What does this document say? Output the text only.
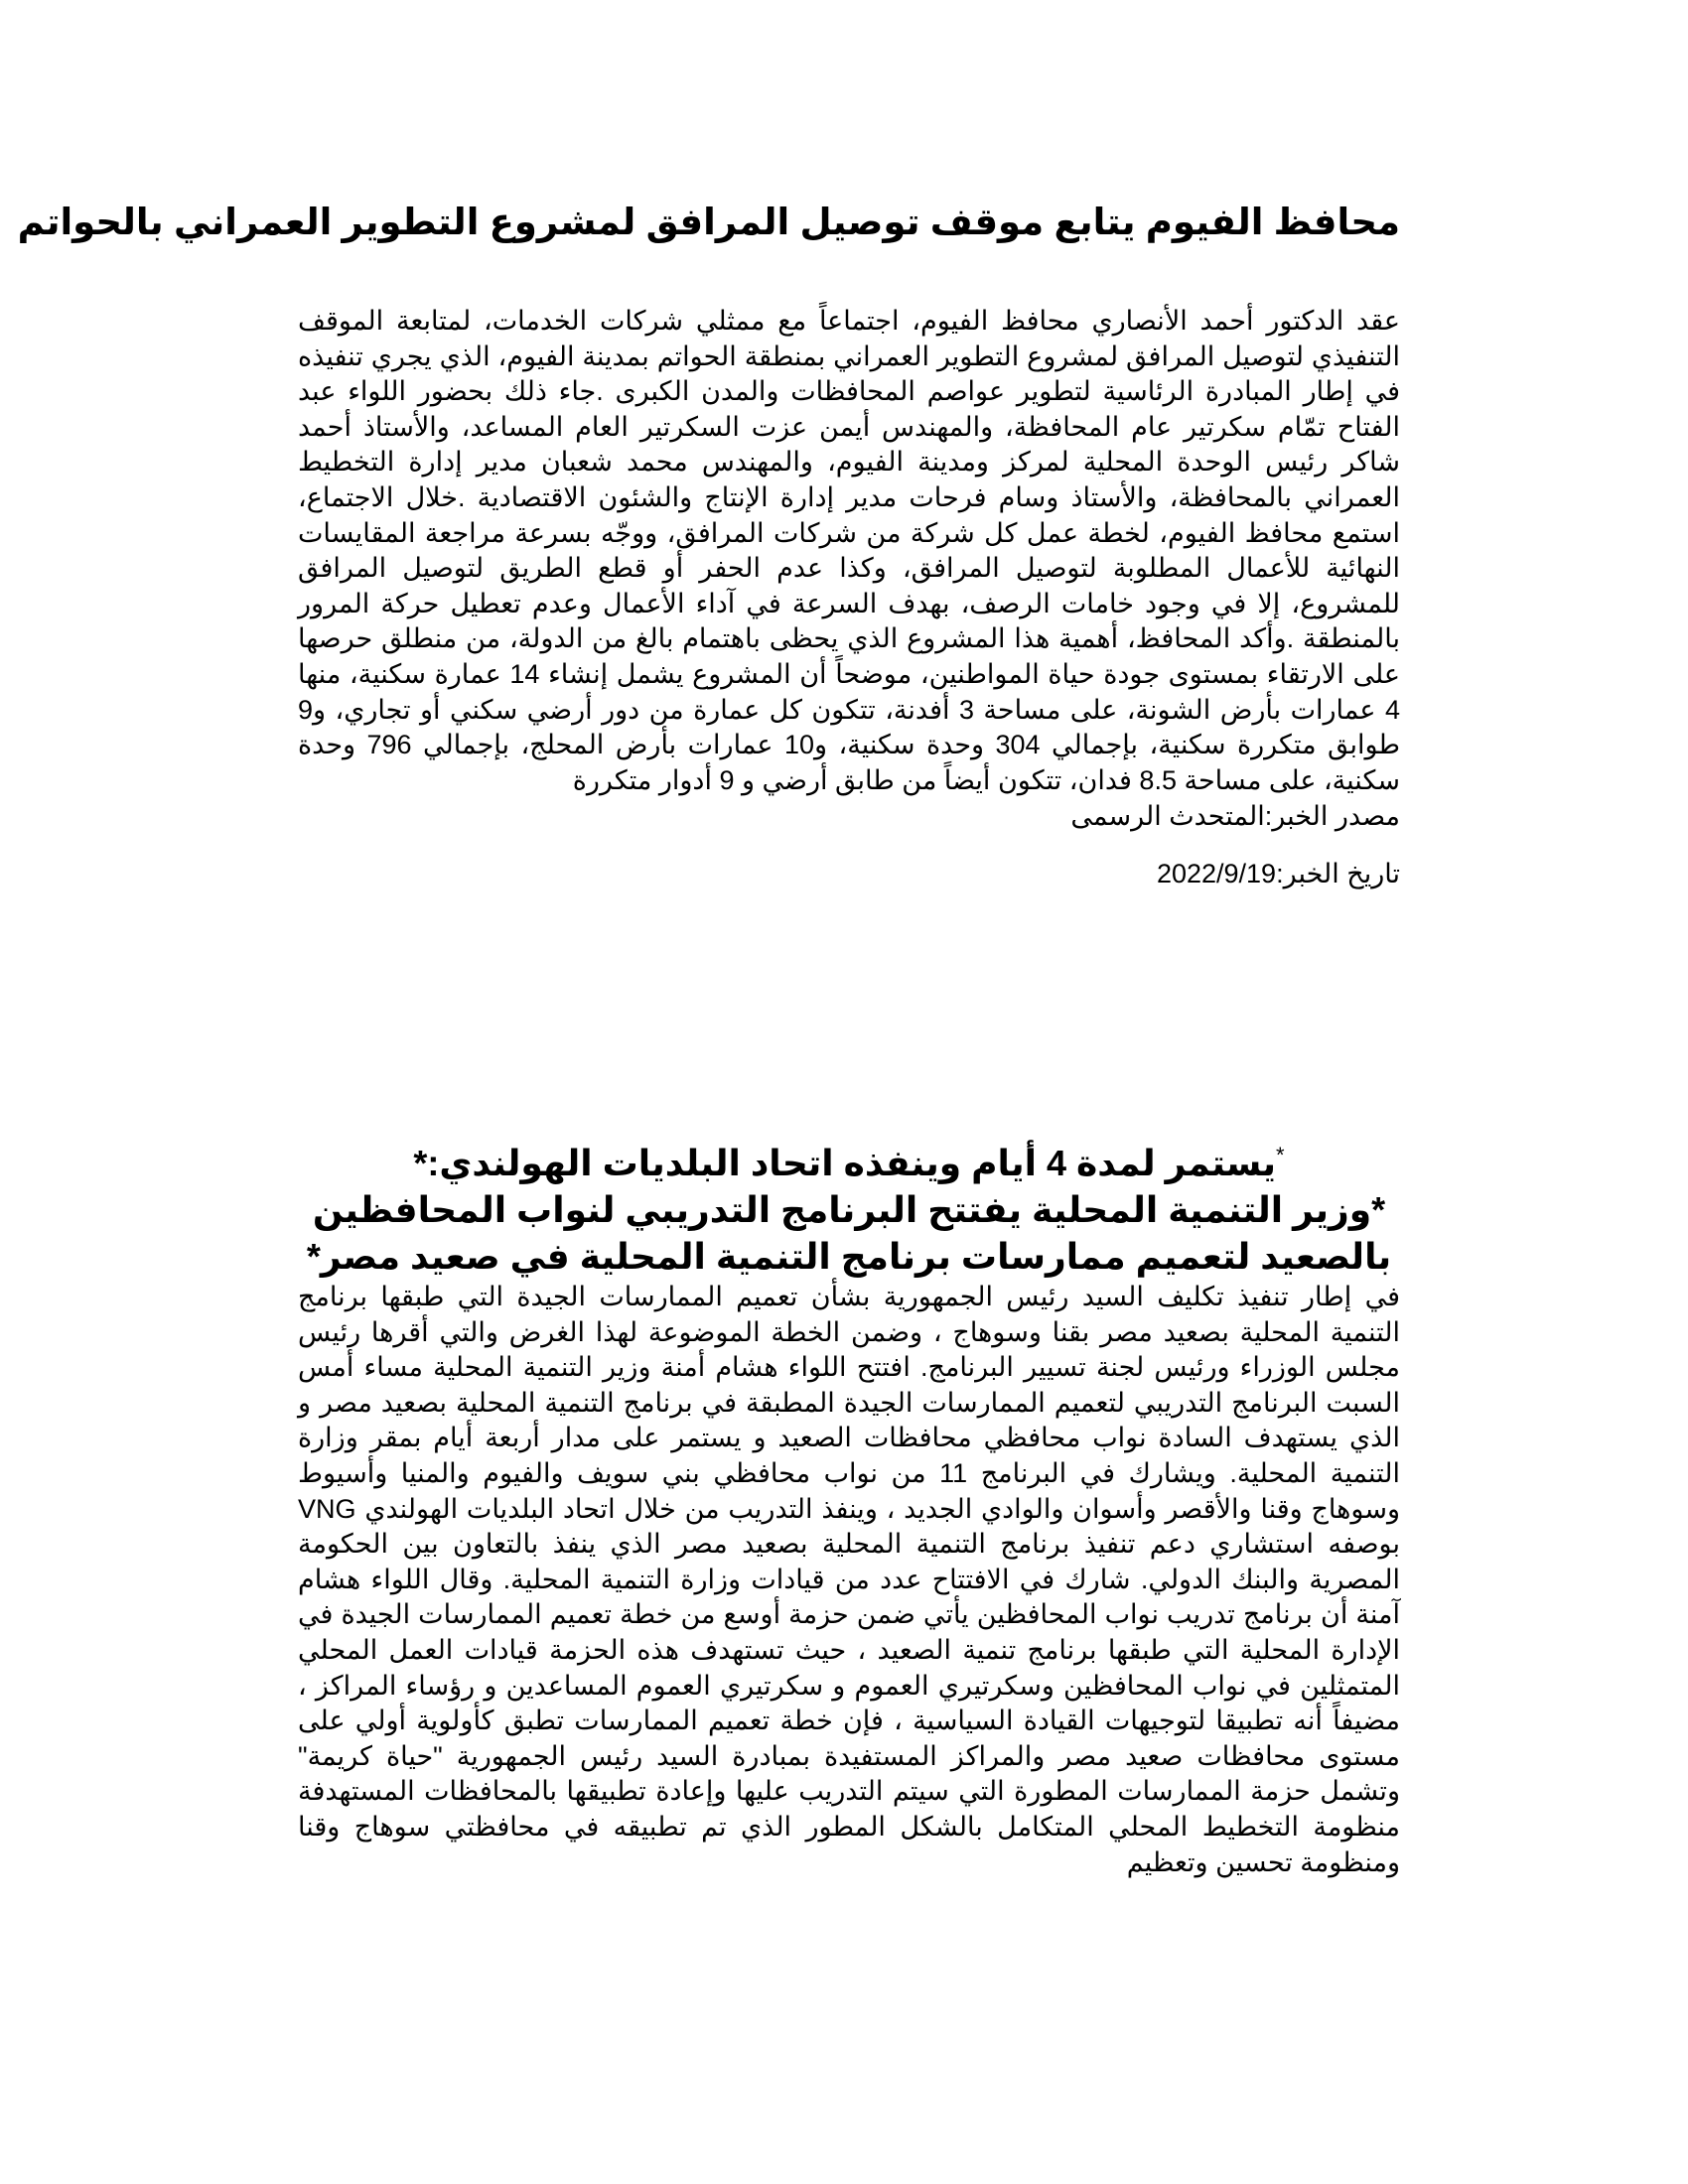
محافظ الفيوم يتابع موقف توصيل المرافق لمشروع التطوير العمراني بالحواتم

عقد الدكتور أحمد الأنصاري محافظ الفيوم، اجتماعاً مع ممثلي شركات الخدمات، لمتابعة الموقف التنفيذي لتوصيل المرافق لمشروع التطوير العمراني بمنطقة الحواتم بمدينة الفيوم، الذي يجري تنفيذه في إطار المبادرة الرئاسية لتطوير عواصم المحافظات والمدن الكبرى .جاء ذلك بحضور اللواء عبد الفتاح تمّام سكرتير عام المحافظة، والمهندس أيمن عزت السكرتير العام المساعد، والأستاذ أحمد شاكر رئيس الوحدة المحلية لمركز ومدينة الفيوم، والمهندس محمد شعبان مدير إدارة التخطيط العمراني بالمحافظة، والأستاذ وسام فرحات مدير إدارة الإنتاج والشئون الاقتصادية .خلال الاجتماع، استمع محافظ الفيوم، لخطة عمل كل شركة من شركات المرافق، ووجّه بسرعة مراجعة المقايسات النهائية للأعمال المطلوبة لتوصيل المرافق، وكذا عدم الحفر أو قطع الطريق لتوصيل المرافق للمشروع، إلا في وجود خامات الرصف، بهدف السرعة في آداء الأعمال وعدم تعطيل حركة المرور بالمنطقة .وأكد المحافظ، أهمية هذا المشروع الذي يحظى باهتمام بالغ من الدولة، من منطلق حرصها على الارتقاء بمستوى جودة حياة المواطنين، موضحاً أن المشروع يشمل إنشاء 14 عمارة سكنية، منها 4 عمارات بأرض الشونة، على مساحة 3 أفدنة، تتكون كل عمارة من دور أرضي سكني أو تجاري، و9 طوابق متكررة سكنية، بإجمالي 304 وحدة سكنية، و10 عمارات بأرض المحلج، بإجمالي 796 وحدة سكنية، على مساحة 8.5 فدان، تتكون أيضاً من طابق أرضي و 9 أدوار متكررة

مصدر الخبر:المتحدث الرسمى

تاريخ الخبر:2022/9/19

*يستمر لمدة 4 أيام وينفذه اتحاد البلديات الهولندي:*
*وزير التنمية المحلية يفتتح البرنامج التدريبي لنواب المحافظين بالصعيد لتعميم ممارسات برنامج التنمية المحلية في صعيد مصر*

في إطار تنفيذ تكليف السيد رئيس الجمهورية بشأن تعميم الممارسات الجيدة التي طبقها برنامج التنمية المحلية بصعيد مصر بقنا وسوهاج ، وضمن الخطة الموضوعة لهذا الغرض والتي أقرها رئيس مجلس الوزراء ورئيس لجنة تسيير البرنامج. افتتح اللواء هشام أمنة وزير التنمية المحلية مساء أمس السبت البرنامج التدريبي لتعميم الممارسات الجيدة المطبقة في برنامج التنمية المحلية بصعيد مصر و الذي يستهدف السادة نواب محافظي محافظات الصعيد و يستمر على مدار أربعة أيام بمقر وزارة التنمية المحلية. ويشارك في البرنامج 11 من نواب محافظي بني سويف والفيوم والمنيا وأسيوط وسوهاج وقنا والأقصر وأسوان والوادي الجديد ، وينفذ التدريب من خلال اتحاد البلديات الهولندي VNG بوصفه استشاري دعم تنفيذ برنامج التنمية المحلية بصعيد مصر الذي ينفذ بالتعاون بين الحكومة المصرية والبنك الدولي. شارك في الافتتاح عدد من قيادات وزارة التنمية المحلية. وقال اللواء هشام آمنة أن برنامج تدريب نواب المحافظين يأتي ضمن حزمة أوسع من خطة تعميم الممارسات الجيدة في الإدارة المحلية التي طبقها برنامج تنمية الصعيد ، حيث تستهدف هذه الحزمة قيادات العمل المحلي المتمثلين في نواب المحافظين وسكرتيري العموم و سكرتيري العموم المساعدين و رؤساء المراكز ، مضيفاً أنه تطبيقا لتوجيهات القيادة السياسية ، فإن خطة تعميم الممارسات تطبق كأولوية أولي على مستوى محافظات صعيد مصر والمراكز المستفيدة بمبادرة السيد رئيس الجمهورية "حياة كريمة" وتشمل حزمة الممارسات المطورة التي سيتم التدريب عليها وإعادة تطبيقها بالمحافظات المستهدفة منظومة التخطيط المحلي المتكامل بالشكل المطور الذي تم تطبيقه في محافظتي سوهاج وقنا ومنظومة تحسين وتعظيم
